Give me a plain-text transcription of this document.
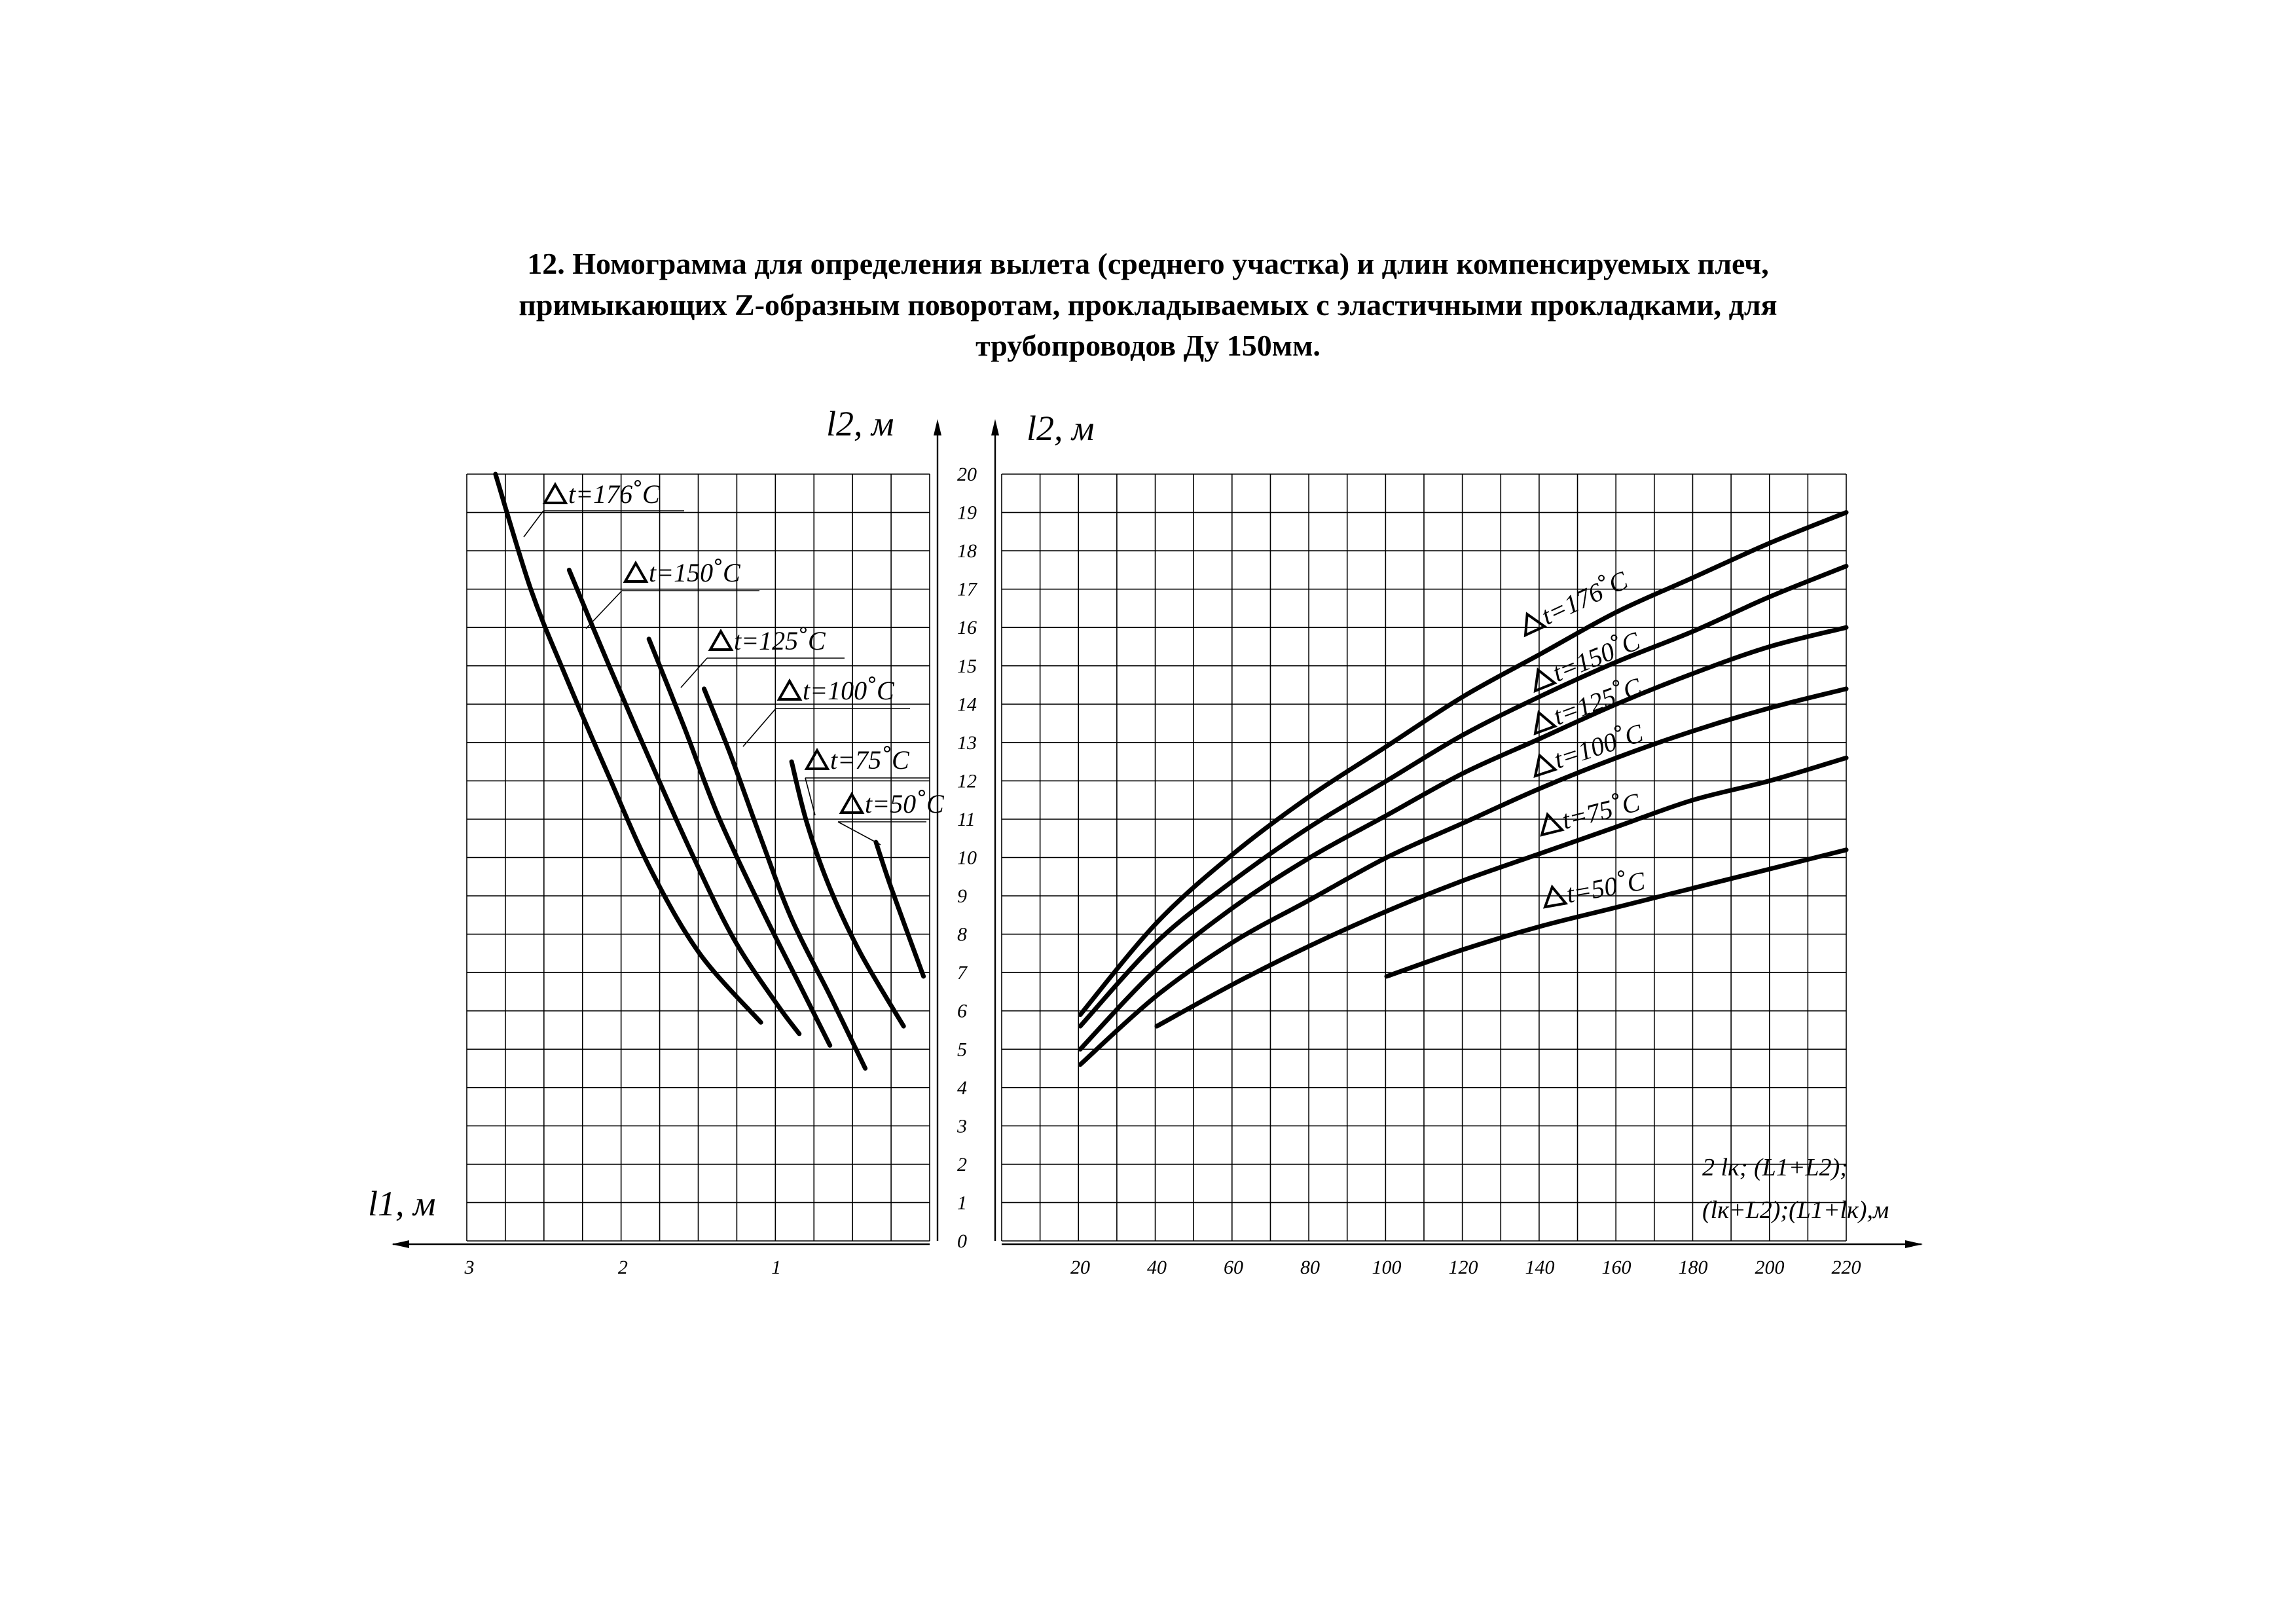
12. Номограмма для определения вылета (среднего участка) и длин компенсируемых плеч,
примыкающих Z-образным поворотам, прокладываемых с эластичными прокладками, для
трубопроводов Ду 150мм.
0
1
2
3
4
5
6
7
8
9
10
11
12
13
14
15
16
17
18
19
20
3	2	1	20	40	60	80	100 120 140 160 180 200 220
t=176 C
t=150 C
t=125 C
t=100 C
t=75 C
t=50 C
t=176
C
t=150
C
t=125
C
t=100 C
t=75 C
t=50 C
l2, м	l2, м
l1, м
2 lк; (L1+L2);
(lк+L2);(L1+lк),м
